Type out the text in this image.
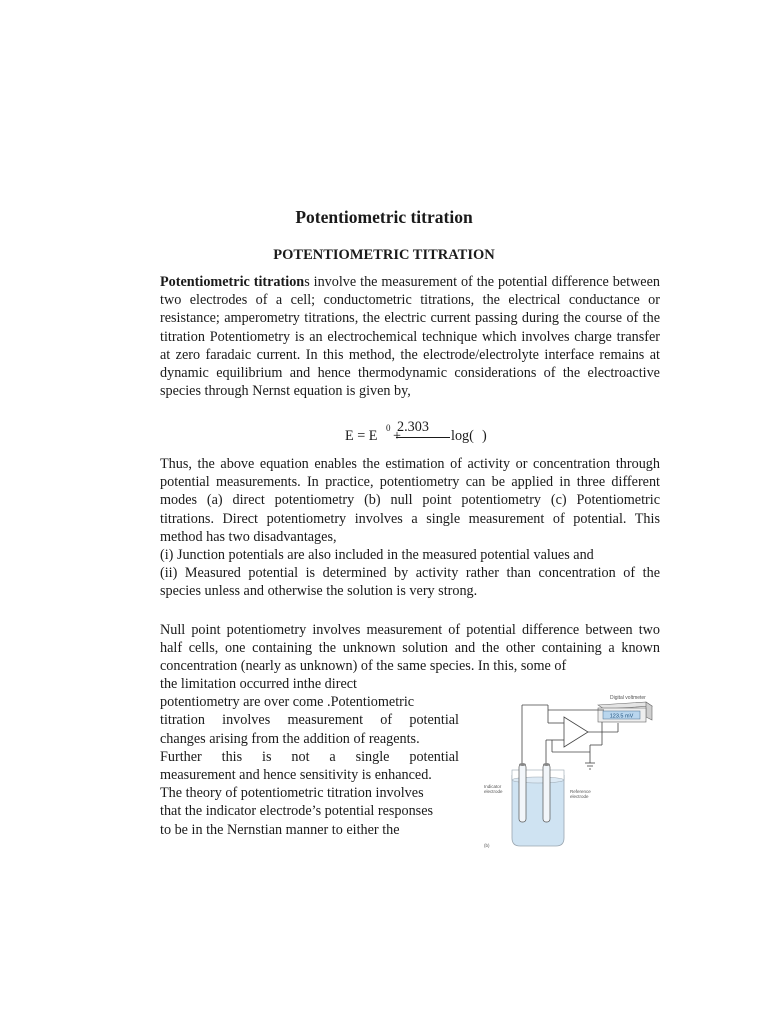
Potentiometric titration
POTENTIOMETRIC TITRATION

Potentiometric titrations involve the measurement of the potential difference between two electrodes of a cell; conductometric titrations, the electrical conductance or resistance; amperometry titrations, the electric current passing during the course of the titration Potentiometry is an electrochemical technique which involves charge transfer at zero faradaic current. In this method, the electrode/electrolyte interface remains at dynamic equilibrium and hence thermodynamic considerations of the electroactive species through Nernst equation is given by,

E = E 0 +
2.303
log( )

Thus, the above equation enables the estimation of activity or concentration through potential measurements. In practice, potentiometry can be applied in three different modes (a) direct potentiometry (b) null point potentiometry (c) Potentiometric titrations. Direct potentiometry involves a single measurement of potential. This method has two disadvantages,

(i) Junction potentials are also included in the measured potential values and

(ii) Measured potential is determined by activity rather than concentration of the species unless and otherwise the solution is very strong.

Null point potentiometry involves measurement of potential difference between two half cells, one containing the unknown solution and the other containing a known concentration (nearly as unknown) of the same species. In this, some of

the limitation occurred inthe direct
potentiometry are over come .Potentiometric
titration involves measurement of potential
changes arising from the addition of reagents.
Further this is not a single potential
measurement and hence sensitivity is enhanced.
The theory of potentiometric titration involves
that the indicator electrode’s potential responses
to be in the Nernstian manner to either the
Digital voltmeter
123.5 mV
Indicator
electrode	Reference
electrode
(b)
